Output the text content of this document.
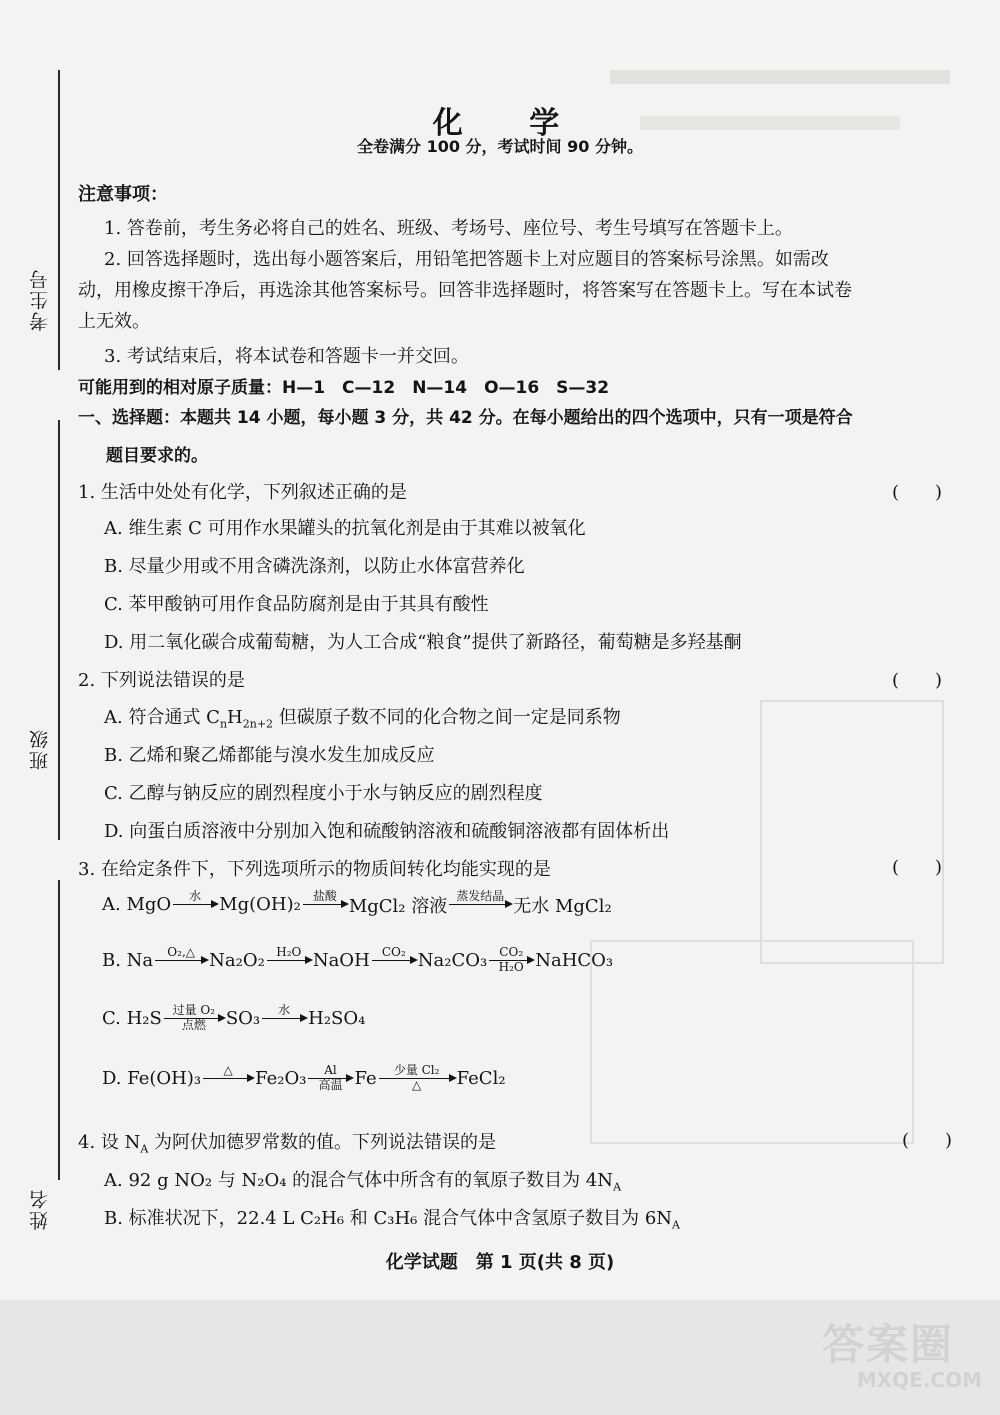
考生号
班级
姓名
化 学
全卷满分 100 分，考试时间 90 分钟。
注意事项：
1. 答卷前，考生务必将自己的姓名、班级、考场号、座位号、考生号填写在答题卡上。
2. 回答选择题时，选出每小题答案后，用铅笔把答题卡上对应题目的答案标号涂黑。如需改
动，用橡皮擦干净后，再选涂其他答案标号。回答非选择题时，将答案写在答题卡上。写在本试卷
上无效。
3. 考试结束后，将本试卷和答题卡一并交回。
可能用到的相对原子质量：H—1　C—12　N—14　O—16　S—32
一、选择题：本题共 14 小题，每小题 3 分，共 42 分。在每小题给出的四个选项中，只有一项是符合
题目要求的。
1. 生活中处处有化学，下列叙述正确的是	(　　)
A. 维生素 C 可用作水果罐头的抗氧化剂是由于其难以被氧化
B. 尽量少用或不用含磷洗涤剂，以防止水体富营养化
C. 苯甲酸钠可用作食品防腐剂是由于其具有酸性
D. 用二氧化碳合成葡萄糖，为人工合成“粮食”提供了新路径，葡萄糖是多羟基酮
2. 下列说法错误的是	(　　)
A. 符合通式 $C_nH_{2n+2}$ 但碳原子数不同的化合物之间一定是同系物
B. 乙烯和聚乙烯都能与溴水发生加成反应
C. 乙醇与钠反应的剧烈程度小于水与钠反应的剧烈程度
D. 向蛋白质溶液中分别加入饱和硫酸钠溶液和硫酸铜溶液都有固体析出
3. 在给定条件下，下列选项所示的物质间转化均能实现的是	(　　)
A. MgO 水 Mg(OH)₂ 盐酸 MgCl₂ 溶液 蒸发结晶 无水 MgCl₂
B. Na O₂,△ Na₂O₂ H₂O NaOH CO₂ Na₂CO₃ CO₂
H₂O NaHCO₃
C. H₂S 过量 O₂
点燃 SO₃ 水 H₂SO₄
D. Fe(OH)₃ △ Fe₂O₃ Al
高温 Fe 少量 Cl₂
△ FeCl₂
4. 设 $N_A$ 为阿伏加德罗常数的值。下列说法错误的是	(　　)
A. 92 g NO₂ 与 N₂O₄ 的混合气体中所含有的氧原子数目为 $4N_A$
B. 标准状况下，22.4 L C₂H₆ 和 C₃H₆ 混合气体中含氢原子数目为 $6N_A$
化学试题　第 1 页(共 8 页)
答案圈
MXQE.COM
